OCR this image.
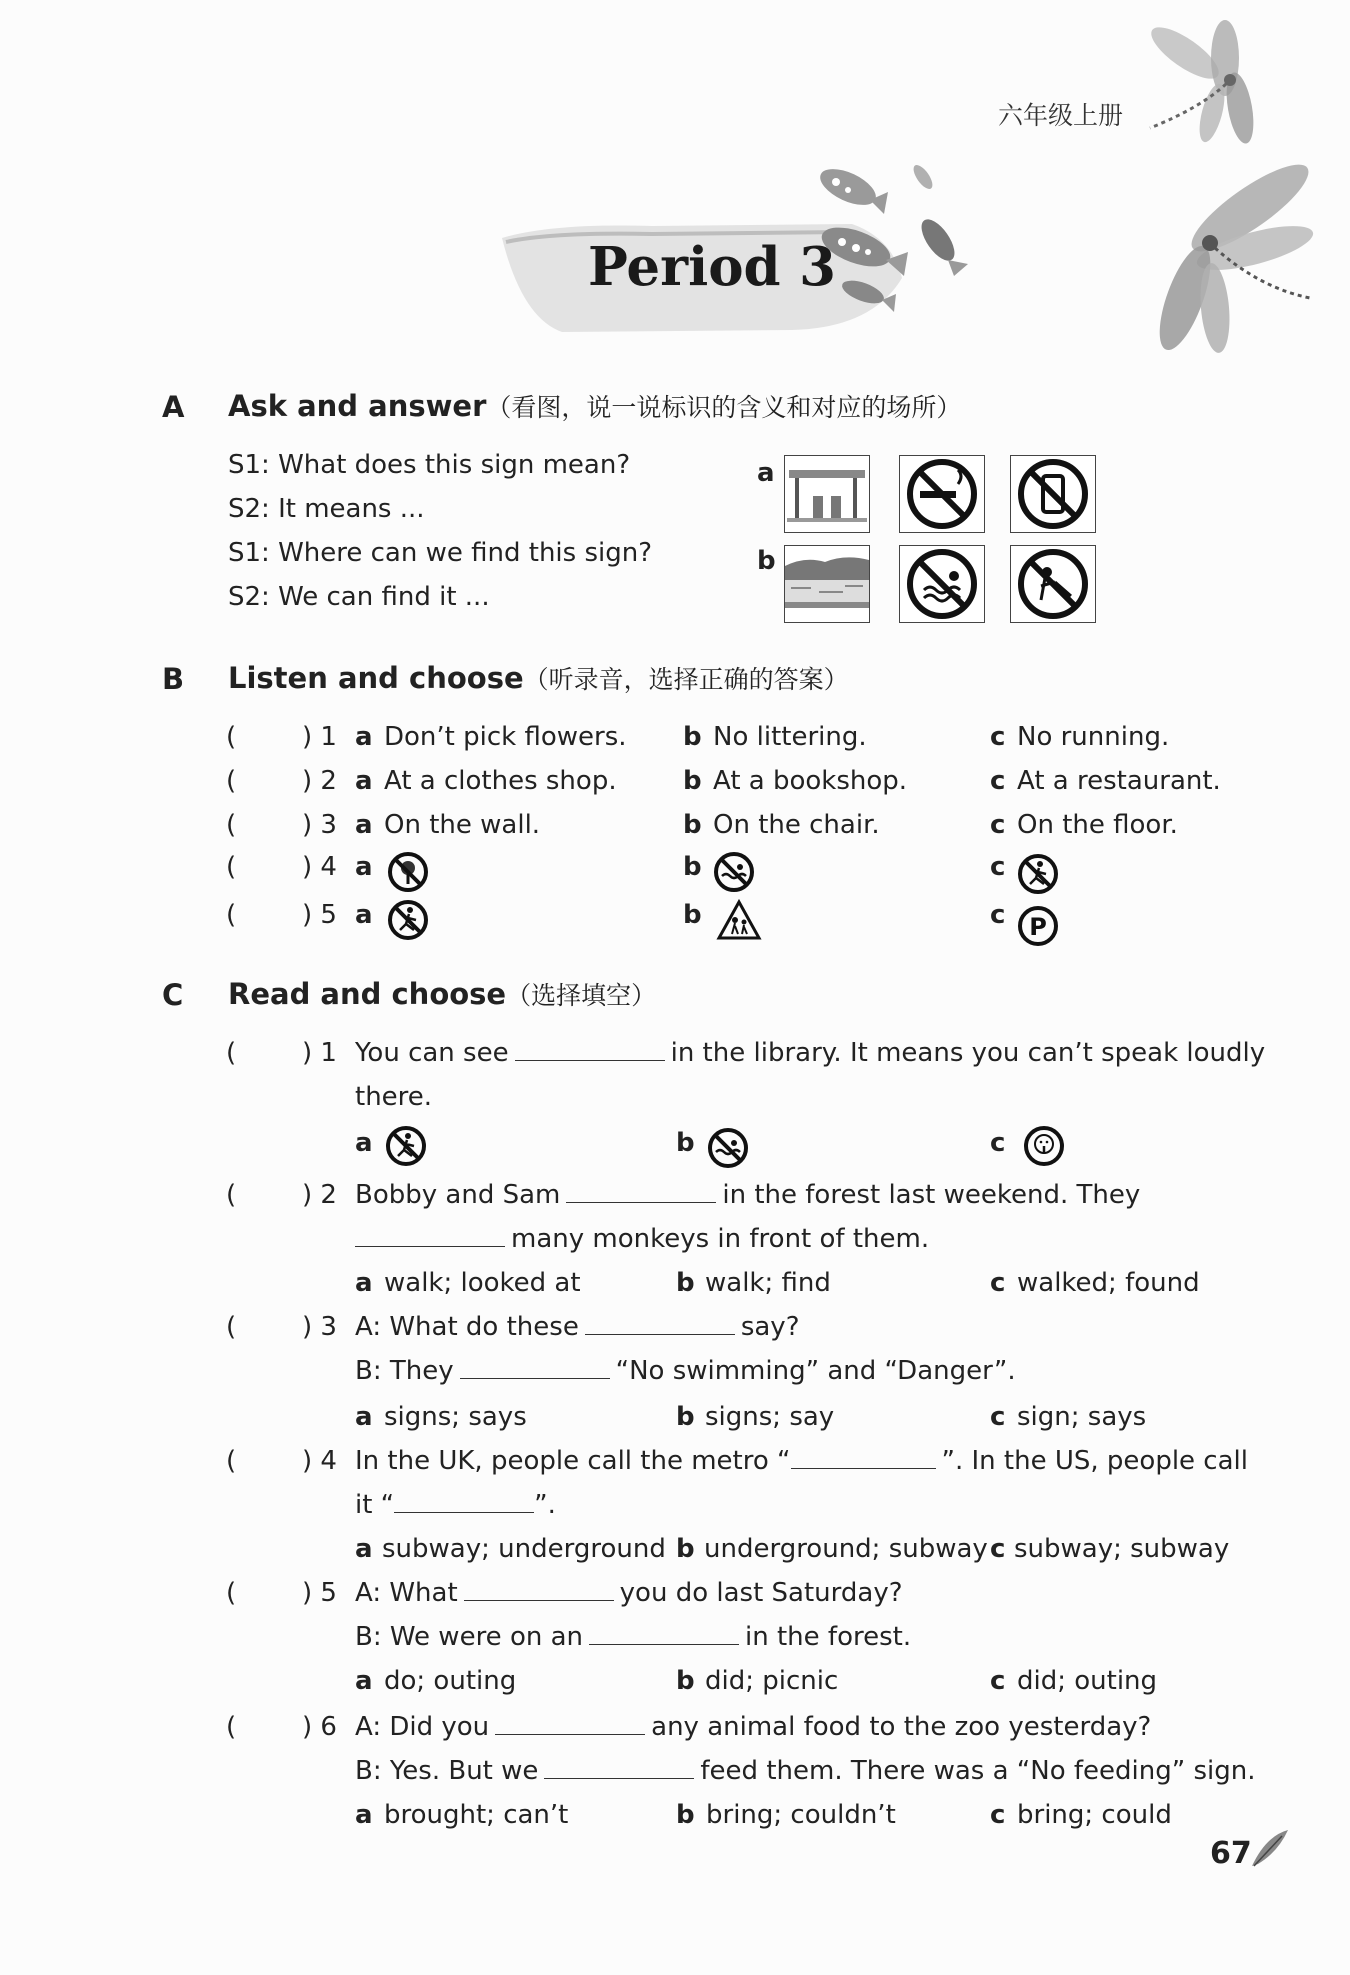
六年级上册
Period 3
A Ask and answer（看图，说一说标识的含义和对应的场所）
S1: What does this sign mean?
S2: It means ...
S1: Where can we find this sign?
S2: We can find it ...
a
b
B Listen and choose（听录音，选择正确的答案）
(	) 1 a Don’t pick flowers. b No littering.	c No running.
(	) 2 a At a clothes shop.	b At a bookshop.	c At a restaurant.
(	) 3 a On the wall.	b On the chair.	c On the floor.
(	) 4 a	b	c
(	) 5 a	b	c P
C Read and choose（选择填空）
(	) 1 You can see	in the library. It means you can’t speak loudly
there.
a	b	c
(	) 2 Bobby and Sam	in the forest last weekend. They
many monkeys in front of them.
a walk; looked at	b walk; find	c walked; found
(	) 3 A: What do these	say?
B: They	“No swimming” and “Danger”.
a signs; says	b signs; say	c sign; says
(	) 4 In the UK, people call the metro “	”. In the US, people call
it “	”.
a subway; underground b underground; subway c subway; subway
(	) 5 A: What	you do last Saturday?
B: We were on an	in the forest.
a do; outing	b did; picnic	c did; outing
(	) 6 A: Did you	any animal food to the zoo yesterday?
B: Yes. But we	feed them. There was a “No feeding” sign.
a brought; can’t	b bring; couldn’t	c bring; could
67
